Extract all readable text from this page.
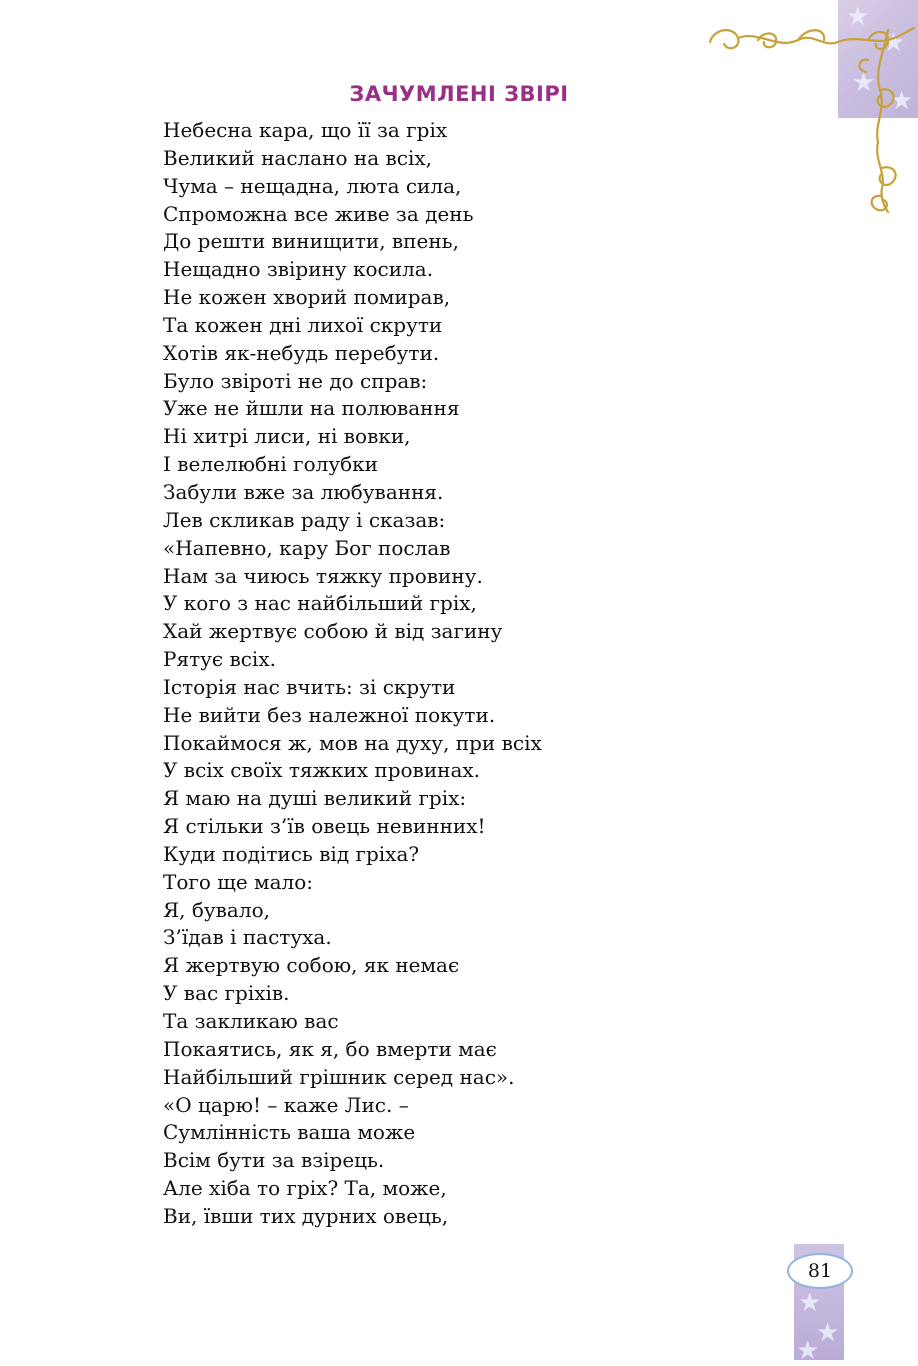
★
★
★
★
ЗАЧУМЛЕНІ ЗВІРІ
Небесна кара, що її за гріх
Великий наслано на всіх,
Чума – нещадна, люта сила,
Спроможна все живе за день
До решти винищити, впень,
Нещадно звірину косила.
Не кожен хворий помирав,
Та кожен дні лихої скрути
Хотів як-небудь перебути.
Було звіроті не до справ:
Уже не йшли на полювання
Ні хитрі лиси, ні вовки,
І велелюбні голубки
Забули вже за любування.
Лев скликав раду і сказав:
«Напевно, кару Бог послав
Нам за чиюсь тяжку провину.
У кого з нас найбільший гріх,
Хай жертвує собою й від загину
Рятує всіх.
Історія нас вчить: зі скрути
Не вийти без належної покути.
Покаймося ж, мов на духу, при всіх
У всіх своїх тяжких провинах.
Я маю на душі великий гріх:
Я стільки з’їв овець невинних!
Куди подітись від гріха?
Того ще мало:
Я, бувало,
З’їдав і пастуха.
Я жертвую собою, як немає
У вас гріхів.
Та закликаю вас
Покаятись, як я, бо вмерти має
Найбільший грішник серед нас».
«О царю! – каже Лис. –
Сумлінність ваша може
Всім бути за взірець.
Але хіба то гріх? Та, може,
Ви, ївши тих дурних овець,
★
★
★
81
